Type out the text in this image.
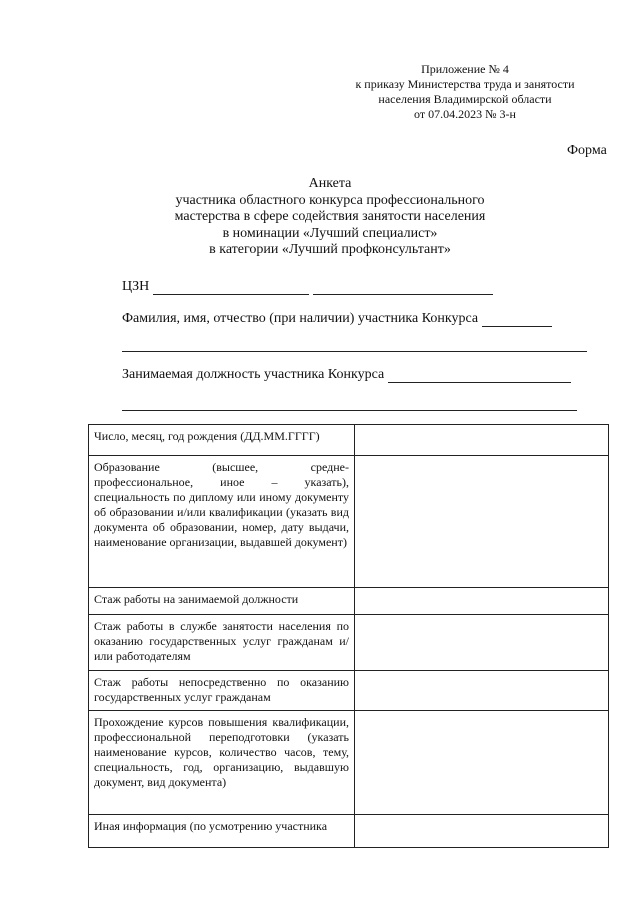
Приложение № 4
к приказу Министерства труда и занятости
населения Владимирской области
от 07.04.2023 № 3-н
Форма
Анкета
участника областного конкурса профессионального
мастерства в сфере содействия занятости населения
в номинации «Лучший специалист»
в категории «Лучший профконсультант»
ЦЗН
Фамилия, имя, отчество (при наличии) участника Конкурса
Занимаемая должность участника Конкурса
Число, месяц, год рождения (ДД.ММ.ГГГГ)	
Образование (высшее, средне-профессиональное, иное – указать), специальность по диплому или иному документу об образовании и/или квалификации (указать вид документа об образовании, номер, дату выдачи, наименование организации, выдавшей документ)	
Стаж работы на занимаемой должности	
Стаж работы в службе занятости населения по оказанию государственных услуг гражданам и/или работодателям	
Стаж работы непосредственно по оказанию государственных услуг гражданам	
Прохождение курсов повышения квалификации, профессиональной переподготовки (указать наименование курсов, количество часов, тему, специальность, год, организацию, выдавшую документ, вид документа)	
Иная информация (по усмотрению участника	
